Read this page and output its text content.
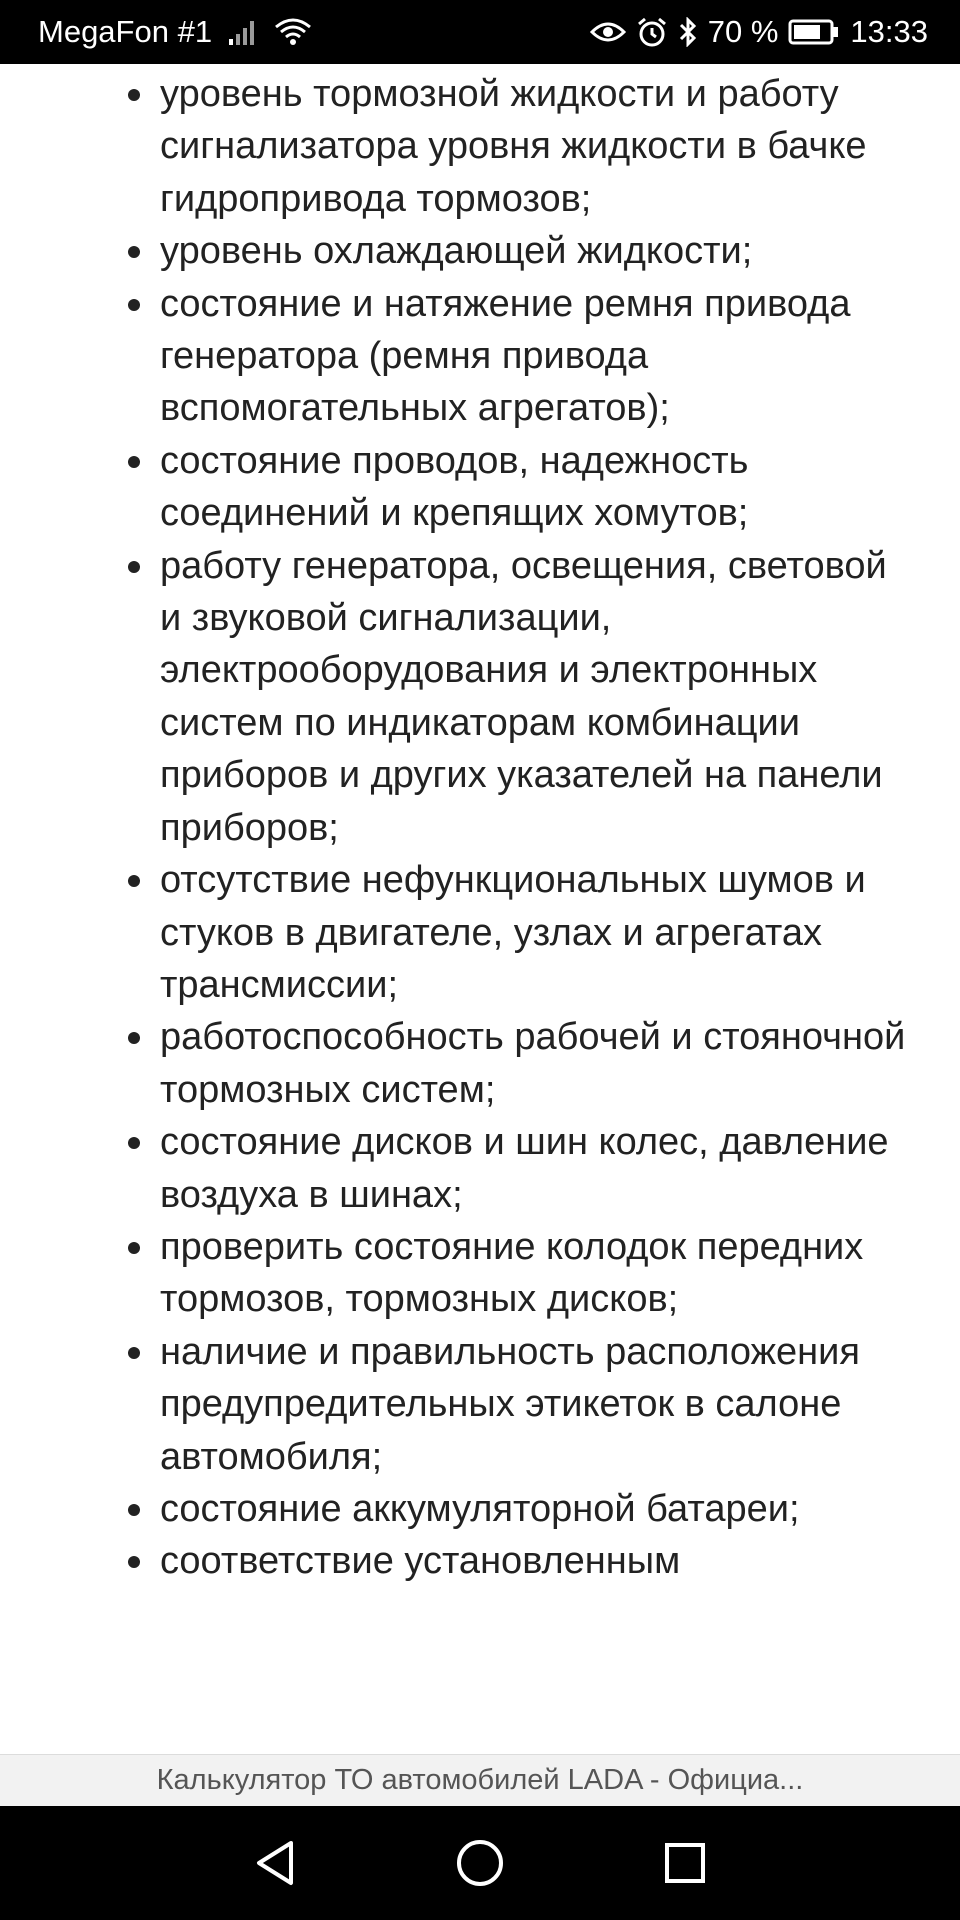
MegaFon #1	70 % 13:33
уровень тормозной жидкости и работу сигнализатора уровня жидкости в бачке гидропривода тормозов;
уровень охлаждающей жидкости;
состояние и натяжение ремня привода генератора (ремня привода вспомогательных агрегатов);
состояние проводов, надежность соединений и крепящих хомутов;
работу генератора, освещения, световой и звуковой сигнализации, электрооборудования и электронных систем по индикаторам комбинации приборов и других указателей на панели приборов;
отсутствие нефункциональных шумов и стуков в двигателе, узлах и агрегатах трансмиссии;
работоспособность рабочей и стояночной тормозных систем;
состояние дисков и шин колес, давление воздуха в шинах;
проверить состояние колодок передних тормозов, тормозных дисков;
наличие и правильность расположения предупредительных этикеток в салоне автомобиля;
состояние аккумуляторной батареи;
соответствие установленным
Калькулятор ТО автомобилей LADA - Официа...
